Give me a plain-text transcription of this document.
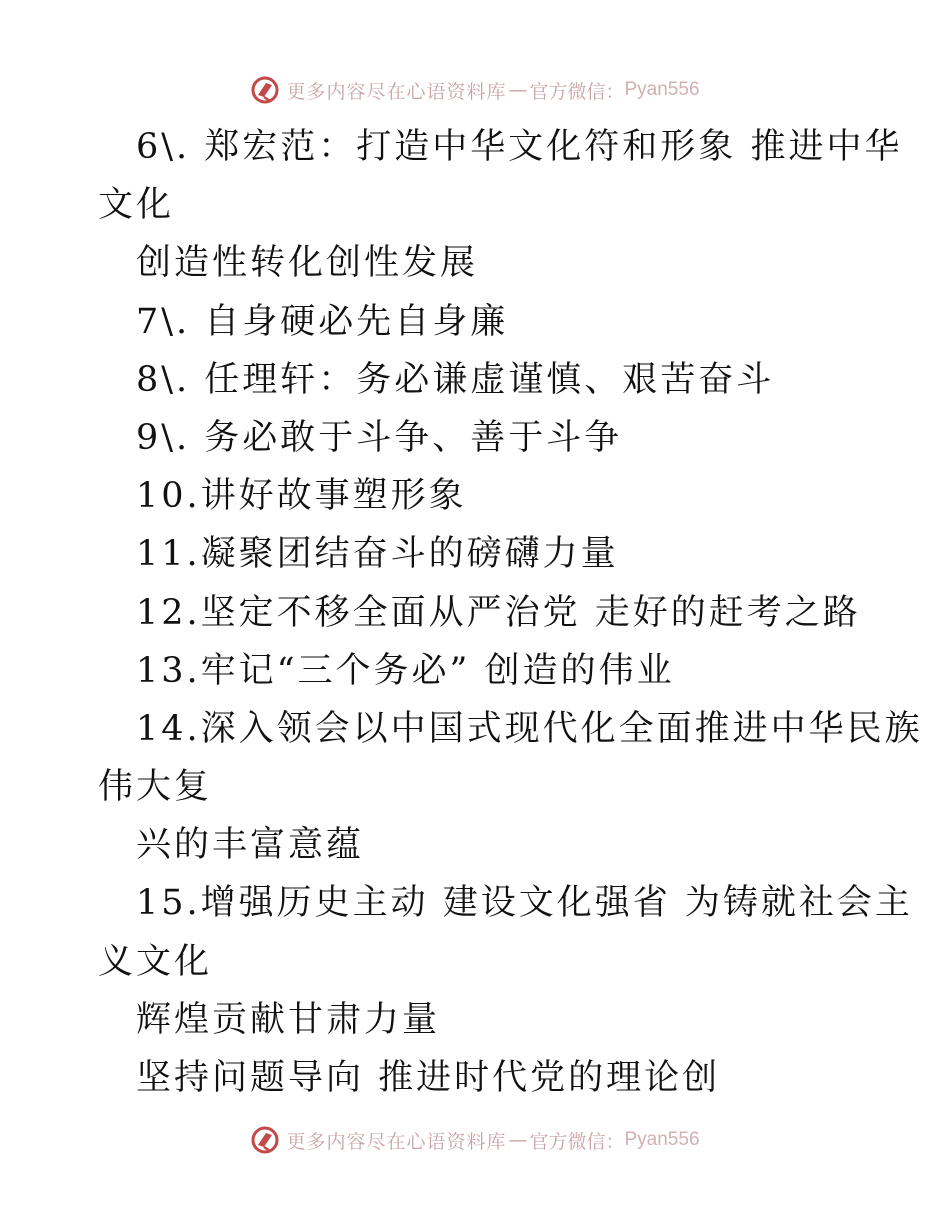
更多内容尽在心语资料库 — 官方微信： Pyan556
6\. 郑宏范：打造中华文化符和形象 推进中华
文化
创造性转化创性发展
7\. 自身硬必先自身廉
8\. 任理轩：务必谦虚谨慎、艰苦奋斗
9\. 务必敢于斗争、善于斗争
10.讲好故事塑形象
11.凝聚团结奋斗的磅礴力量
12.坚定不移全面从严治党 走好的赶考之路
13.牢记“三个务必” 创造的伟业
14.深入领会以中国式现代化全面推进中华民族
伟大复
兴的丰富意蕴
15.增强历史主动 建设文化强省 为铸就社会主
义文化
辉煌贡献甘肃力量
坚持问题导向 推进时代党的理论创
更多内容尽在心语资料库 — 官方微信： Pyan556
